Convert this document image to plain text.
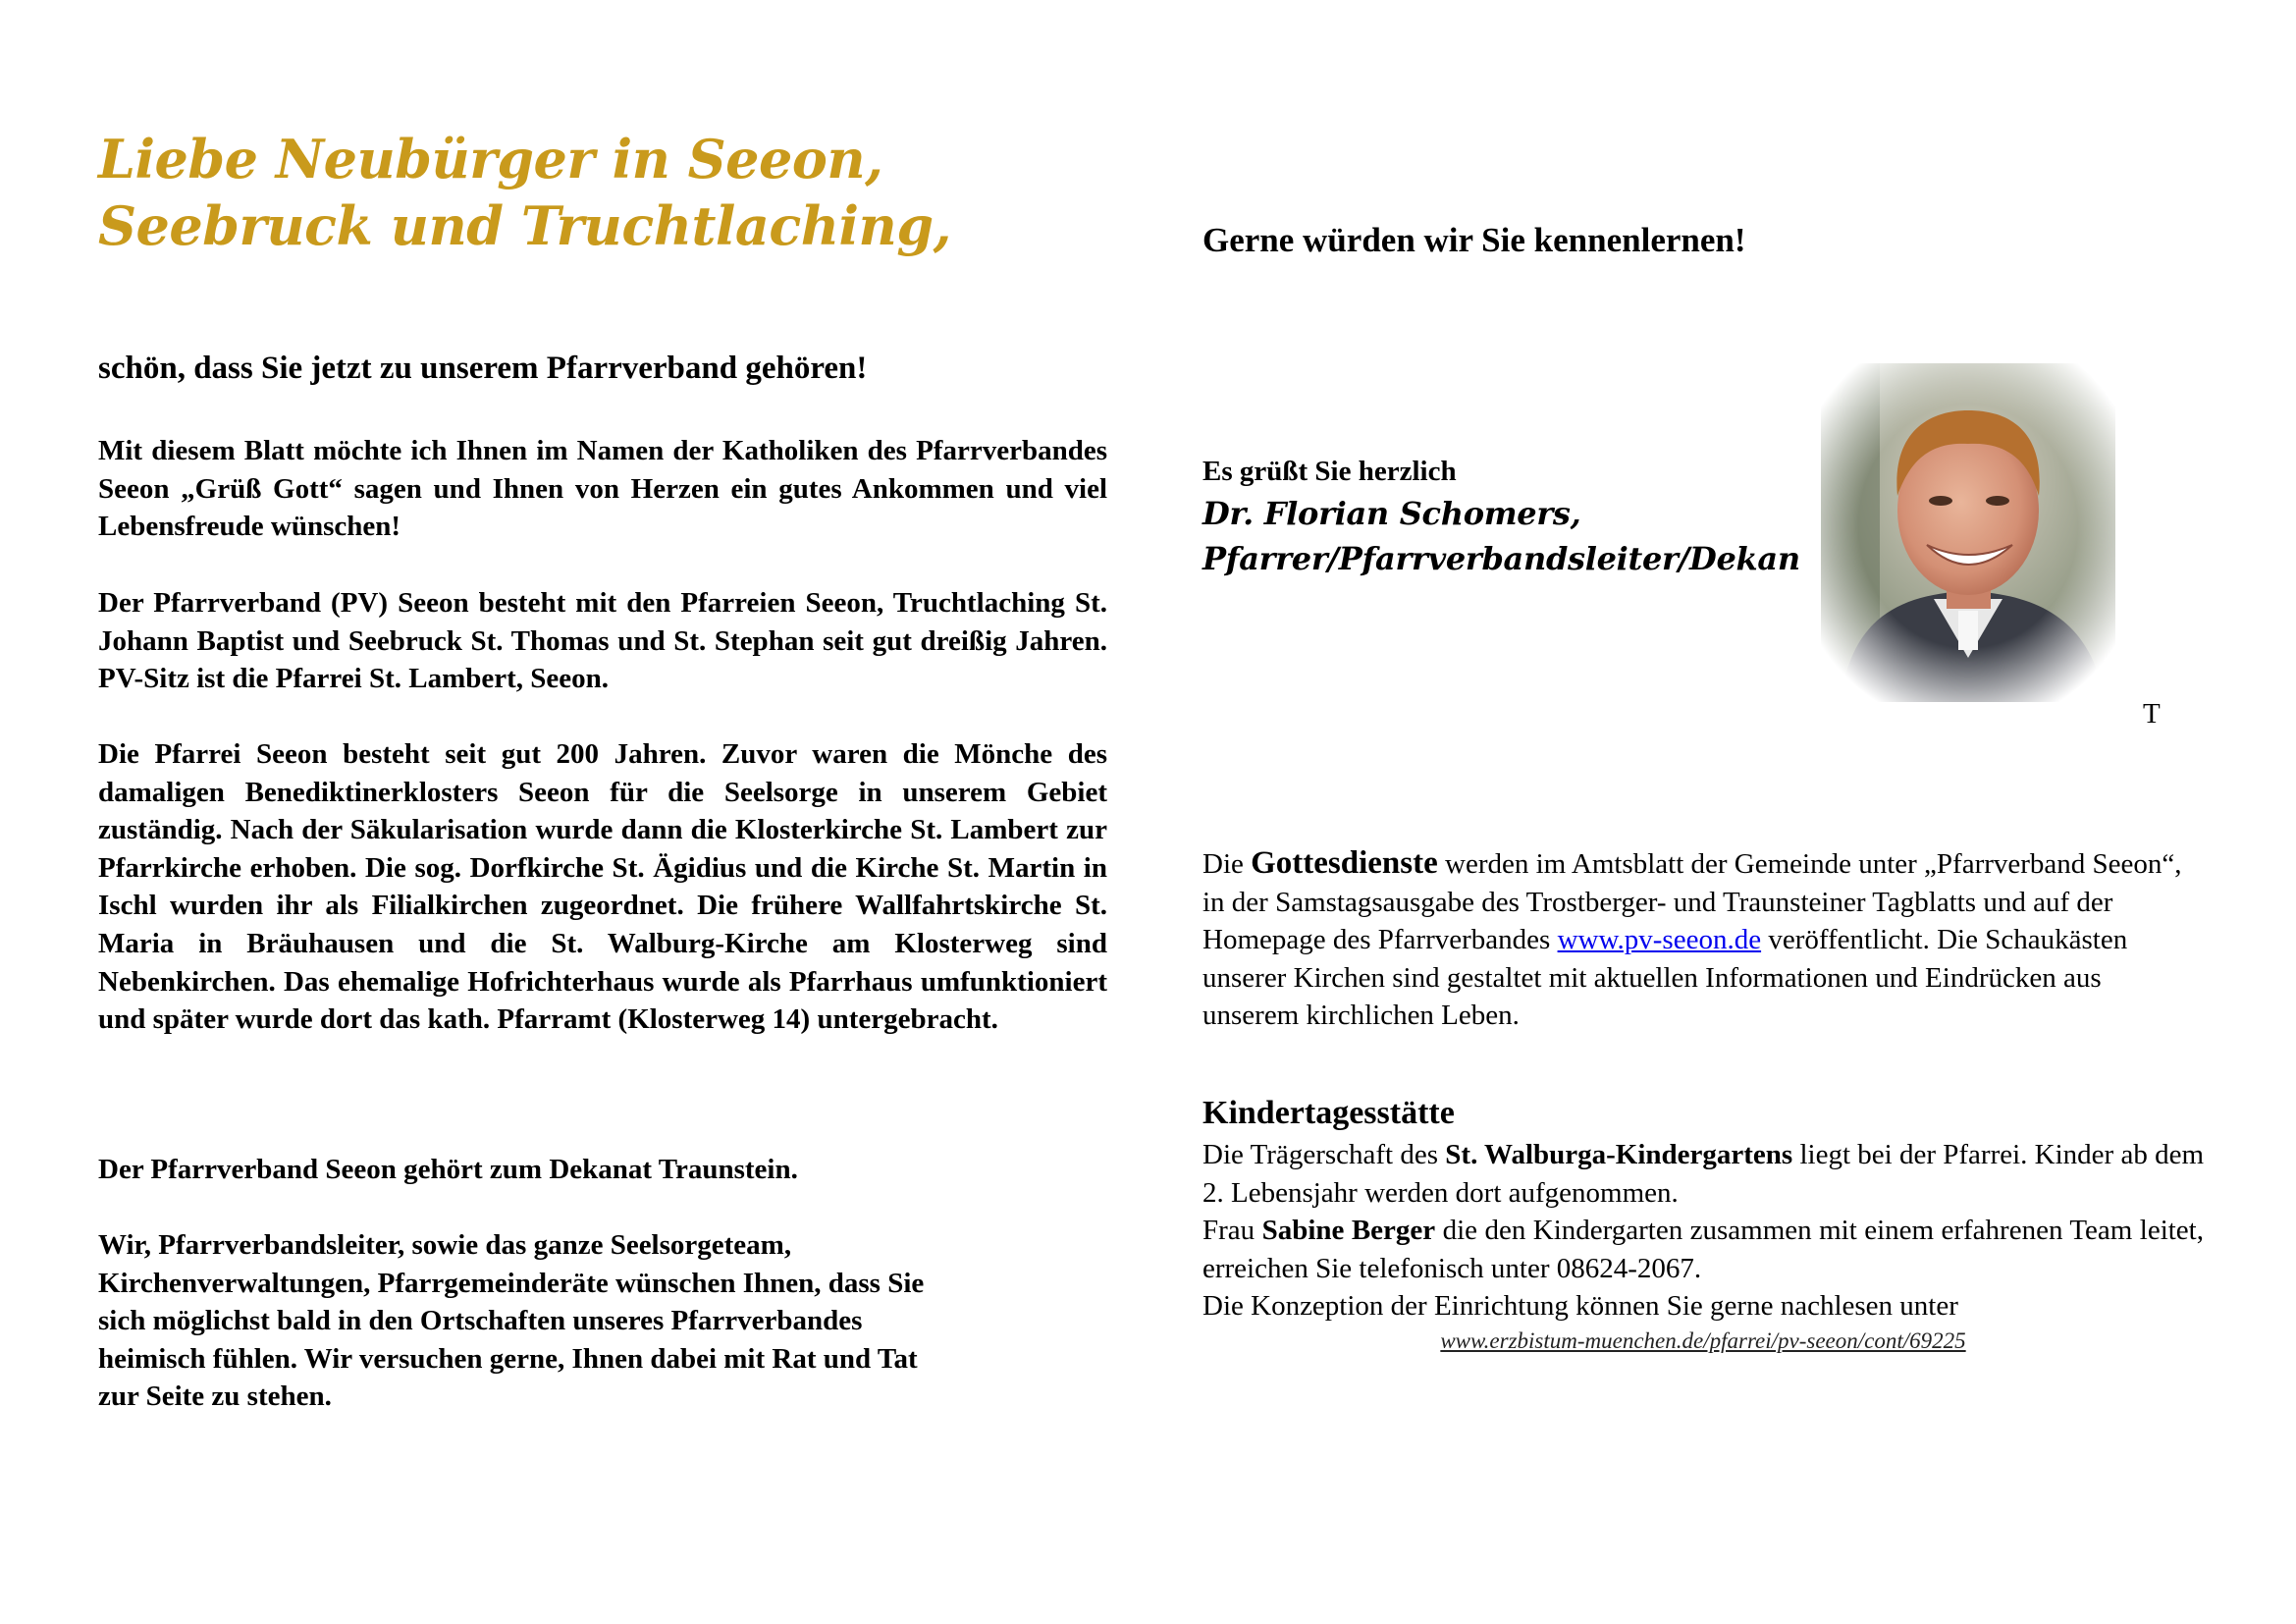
Liebe Neubürger in Seeon, Seebruck und Truchtlaching,
schön, dass Sie jetzt zu unserem Pfarrverband gehören!
Mit diesem Blatt möchte ich Ihnen im Namen der Katholiken des Pfarrverbandes Seeon „Grüß Gott“ sagen und Ihnen von Herzen ein gutes Ankommen und viel Lebensfreude wünschen!
Der Pfarrverband (PV) Seeon besteht mit den Pfarreien Seeon, Truchtlaching St. Johann Baptist und Seebruck St. Thomas und St. Stephan seit gut dreißig Jahren. PV-Sitz ist die Pfarrei St. Lambert, Seeon.
Die Pfarrei Seeon besteht seit gut 200 Jahren. Zuvor waren die Mönche des damaligen Benediktinerklosters Seeon für die Seelsorge in unserem Gebiet zuständig. Nach der Säkularisation wurde dann die Klosterkirche St. Lambert zur Pfarrkirche erhoben. Die sog. Dorfkirche St. Ägidius und die Kirche St. Martin in Ischl wurden ihr als Filialkirchen zugeordnet. Die frühere Wallfahrtskirche St. Maria in Bräuhausen und die St. Walburg-Kirche am Klosterweg sind Nebenkirchen. Das ehemalige Hofrichterhaus wurde als Pfarrhaus umfunktioniert und später wurde dort das kath. Pfarramt (Klosterweg 14) untergebracht.
Der Pfarrverband Seeon gehört zum Dekanat Traunstein.
Wir, Pfarrverbandsleiter, sowie das ganze Seelsorgeteam,
Kirchenverwaltungen, Pfarrgemeinderäte wünschen Ihnen, dass Sie
sich möglichst bald in den Ortschaften unseres Pfarrverbandes
heimisch fühlen. Wir versuchen gerne, Ihnen dabei mit Rat und Tat
zur Seite zu stehen.
Gerne würden wir Sie kennenlernen!
Es grüßt Sie herzlich
Dr. Florian Schomers,
Pfarrer/Pfarrverbandsleiter/Dekan
T
Die Gottesdienste werden im Amtsblatt der Gemeinde unter „Pfarrverband Seeon“, in der Samstagsausgabe des Trostberger- und Traunsteiner Tagblatts und auf der Homepage des Pfarrverbandes www.pv-seeon.de veröffentlicht. Die Schaukästen unserer Kirchen sind gestaltet mit aktuellen Informationen und Eindrücken aus unserem kirchlichen Leben.
Kindertagesstätte
Die Trägerschaft des St. Walburga-Kindergartens liegt bei der Pfarrei. Kinder ab dem 2. Lebensjahr werden dort aufgenommen.
Frau Sabine Berger die den Kindergarten zusammen mit einem erfahrenen Team leitet, erreichen Sie telefonisch unter 08624-2067.
Die Konzeption der Einrichtung können Sie gerne nachlesen unter
www.erzbistum-muenchen.de/pfarrei/pv-seeon/cont/69225
